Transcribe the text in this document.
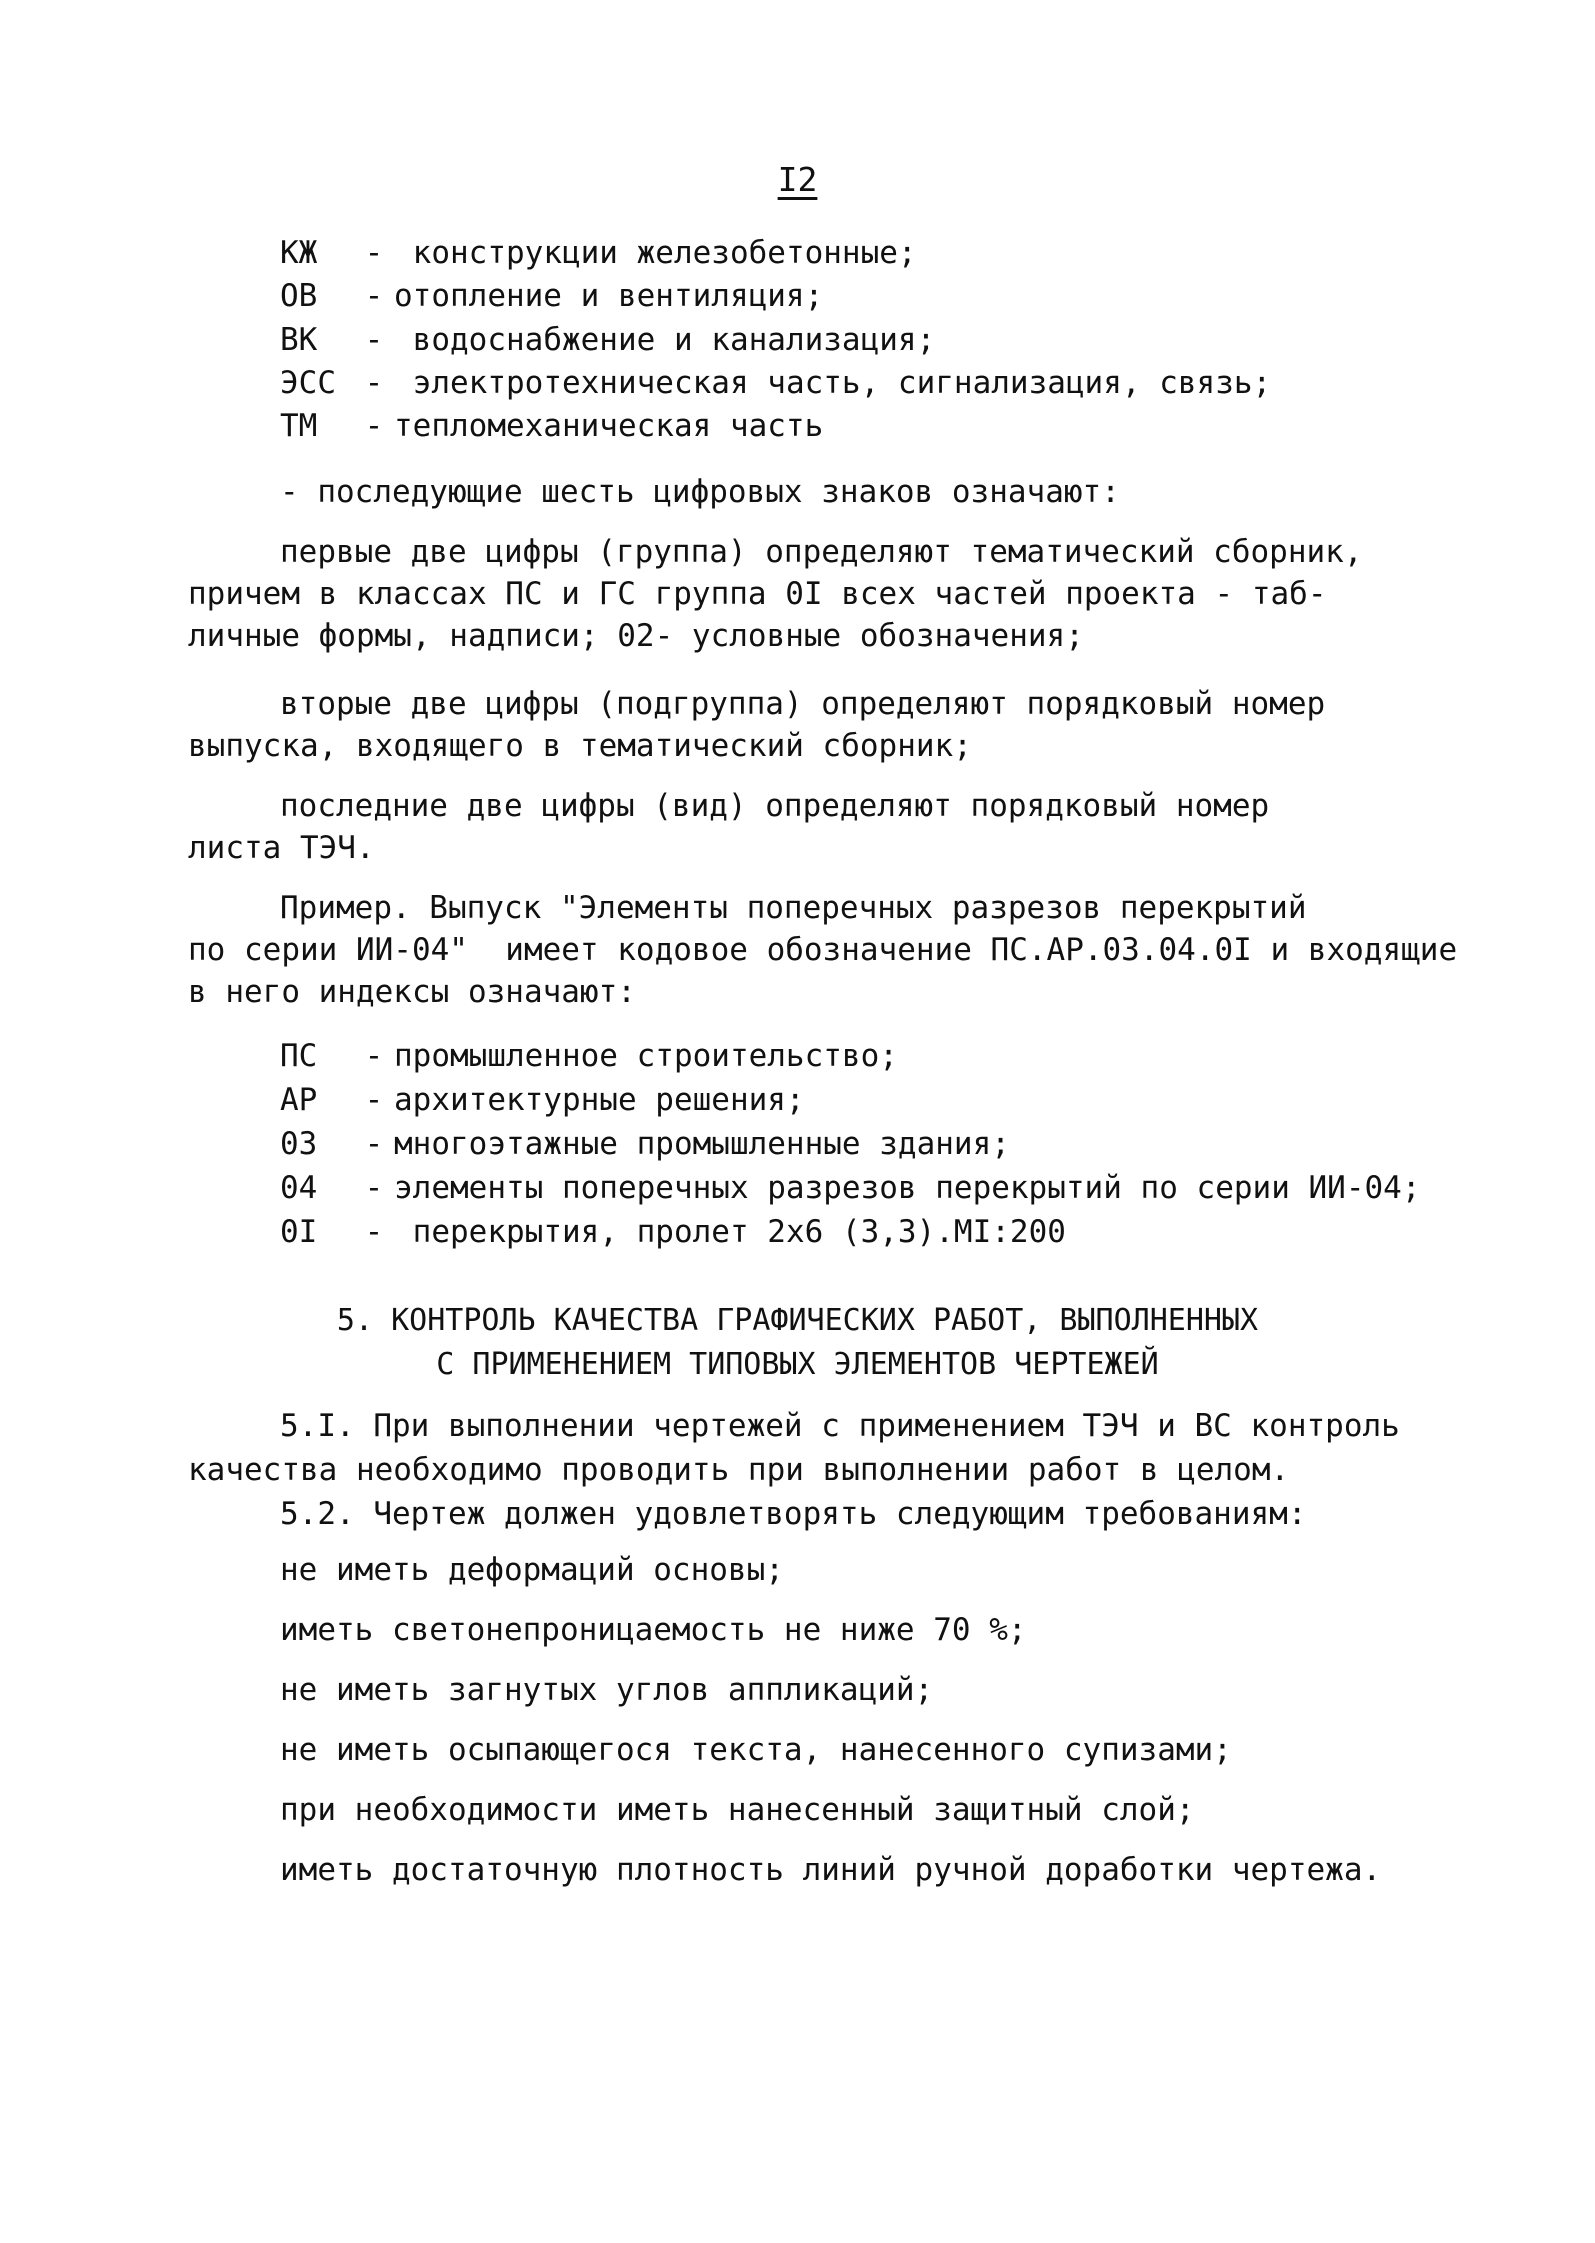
I2
КЖ - конструкции железобетонные;
ОВ - отопление и вентиляция;
ВК - водоснабжение и канализация;
ЭСС - электротехническая часть, сигнализация, связь;
ТМ - тепломеханическая часть
- последующие шесть цифровых знаков означают:
первые две цифры (группа) определяют тематический сборник,
причем в классах ПС и ГС группа 0I всех частей проекта - таб-
личные формы, надписи; 02- условные обозначения;
вторые две цифры (подгруппа) определяют порядковый номер
выпуска, входящего в тематический сборник;
последние две цифры (вид) определяют порядковый номер
листа ТЭЧ.
Пример. Выпуск "Элементы поперечных разрезов перекрытий
по серии ИИ-04"  имеет кодовое обозначение ПС.АР.03.04.0I и входящие
в него индексы означают:
ПС - промышленное строительство;
АР - архитектурные решения;
03 - многоэтажные промышленные здания;
04 - элементы поперечных разрезов перекрытий по серии ИИ-04;
0I - перекрытия, пролет 2х6 (3,3).МI:200
5. КОНТРОЛЬ КАЧЕСТВА ГРАФИЧЕСКИХ РАБОТ, ВЫПОЛНЕННЫХ
С ПРИМЕНЕНИЕМ ТИПОВЫХ ЭЛЕМЕНТОВ ЧЕРТЕЖЕЙ
5.I. При выполнении чертежей с применением ТЭЧ и ВС контроль
качества необходимо проводить при выполнении работ в целом.
5.2. Чертеж должен удовлетворять следующим требованиям:
не иметь деформаций основы;
иметь светонепроницаемость не ниже 70 %;
не иметь загнутых углов аппликаций;
не иметь осыпающегося текста, нанесенного супизами;
при необходимости иметь нанесенный защитный слой;
иметь достаточную плотность линий ручной доработки чертежа.
